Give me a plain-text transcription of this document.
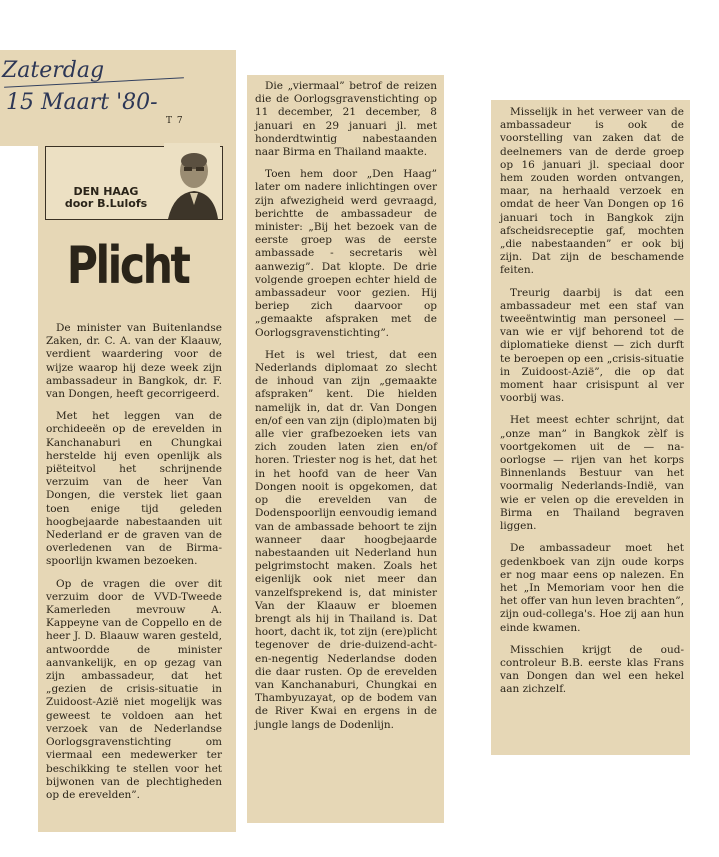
Zaterdag
15 Maart '80-
T 7
DEN HAAG door B.Lulofs
Plicht

De minister van Buitenlandse Zaken, dr. C. A. van der Klaauw, verdient waardering voor de wijze waarop hij deze week zijn ambassadeur in Bangkok, dr. F. van Dongen, heeft gecorrigeerd.

Met het leggen van de orchideeën op de erevelden in Kanchanaburi en Chungkai herstelde hij even openlijk als piëteitvol het schrijnende verzuim van de heer Van Dongen, die verstek liet gaan toen enige tijd geleden hoogbejaarde nabestaanden uit Nederland er de graven van de overledenen van de Birma-spoorlijn kwamen bezoeken.

Op de vragen die over dit verzuim door de VVD-Tweede Kamerleden mevrouw A. Kappeyne van de Coppello en de heer J. D. Blaauw waren gesteld, antwoordde de minister aanvankelijk, en op gezag van zijn ambassadeur, dat het „gezien de crisis-situatie in Zuidoost-Azië niet mogelijk was geweest te voldoen aan het verzoek van de Nederlandse Oorlogsgravenstichting om viermaal een medewerker ter beschikking te stellen voor het bijwonen van de plechtigheden op de erevelden”.

Die „viermaal” betrof de reizen die de Oorlogsgravenstichting op 11 december, 21 december, 8 januari en 29 januari jl. met honderdtwintig nabestaanden naar Birma en Thailand maakte.

Toen hem door „Den Haag” later om nadere inlichtingen over zijn afwezigheid werd gevraagd, berichtte de ambassadeur de minister: „Bij het bezoek van de eerste groep was de eerste ambassade - secretaris wèl aanwezig”. Dat klopte. De drie volgende groepen echter hield de ambassadeur voor gezien. Hij beriep zich daarvoor op „gemaakte afspraken met de Oorlogsgravenstichting”.

Het is wel triest, dat een Nederlands diplomaat zo slecht de inhoud van zijn „gemaakte afspraken” kent. Die hielden namelijk in, dat dr. Van Dongen en/of een van zijn (diplo)maten bij alle vier grafbezoeken iets van zich zouden laten zien en/of horen. Triester nog is het, dat het in het hoofd van de heer Van Dongen nooit is opgekomen, dat op die erevelden van de Dodenspoorlijn eenvoudig iemand van de ambassade behoort te zijn wanneer daar hoogbejaarde nabestaanden uit Nederland hun pelgrimstocht maken. Zoals het eigenlijk ook niet meer dan vanzelfsprekend is, dat minister Van der Klaauw er bloemen brengt als hij in Thailand is. Dat hoort, dacht ik, tot zijn (ere)plicht tegenover de drie-duizend-acht-en-negentig Nederlandse doden die daar rusten. Op de erevelden van Kanchanaburi, Chungkai en Thambyuzayat, op de bodem van de River Kwai en ergens in de jungle langs de Dodenlijn.

Misselijk in het verweer van de ambassadeur is ook de voorstelling van zaken dat de deelnemers van de derde groep op 16 januari jl. speciaal door hem zouden worden ontvangen, maar, na herhaald verzoek en omdat de heer Van Dongen op 16 januari toch in Bangkok zijn afscheidsreceptie gaf, mochten „die nabestaanden” er ook bij zijn. Dat zijn de beschamende feiten.

Treurig daarbij is dat een ambassadeur met een staf van tweeëntwintig man personeel — van wie er vijf behorend tot de diplomatieke dienst — zich durft te beroepen op een „crisis-situatie in Zuidoost-Azië”, die op dat moment haar crisispunt al ver voorbij was.

Het meest echter schrijnt, dat „onze man” in Bangkok zèlf is voortgekomen uit de — na-oorlogse — rijen van het korps Binnenlands Bestuur van het voormalig Nederlands-Indië, van wie er velen op die erevelden in Birma en Thailand begraven liggen.

De ambassadeur moet het gedenkboek van zijn oude korps er nog maar eens op nalezen. En het „In Memoriam voor hen die het offer van hun leven brachten”, zijn oud-collega's. Hoe zij aan hun einde kwamen.

Misschien krijgt de oud-controleur B.B. eerste klas Frans van Dongen dan wel een hekel aan zichzelf.
